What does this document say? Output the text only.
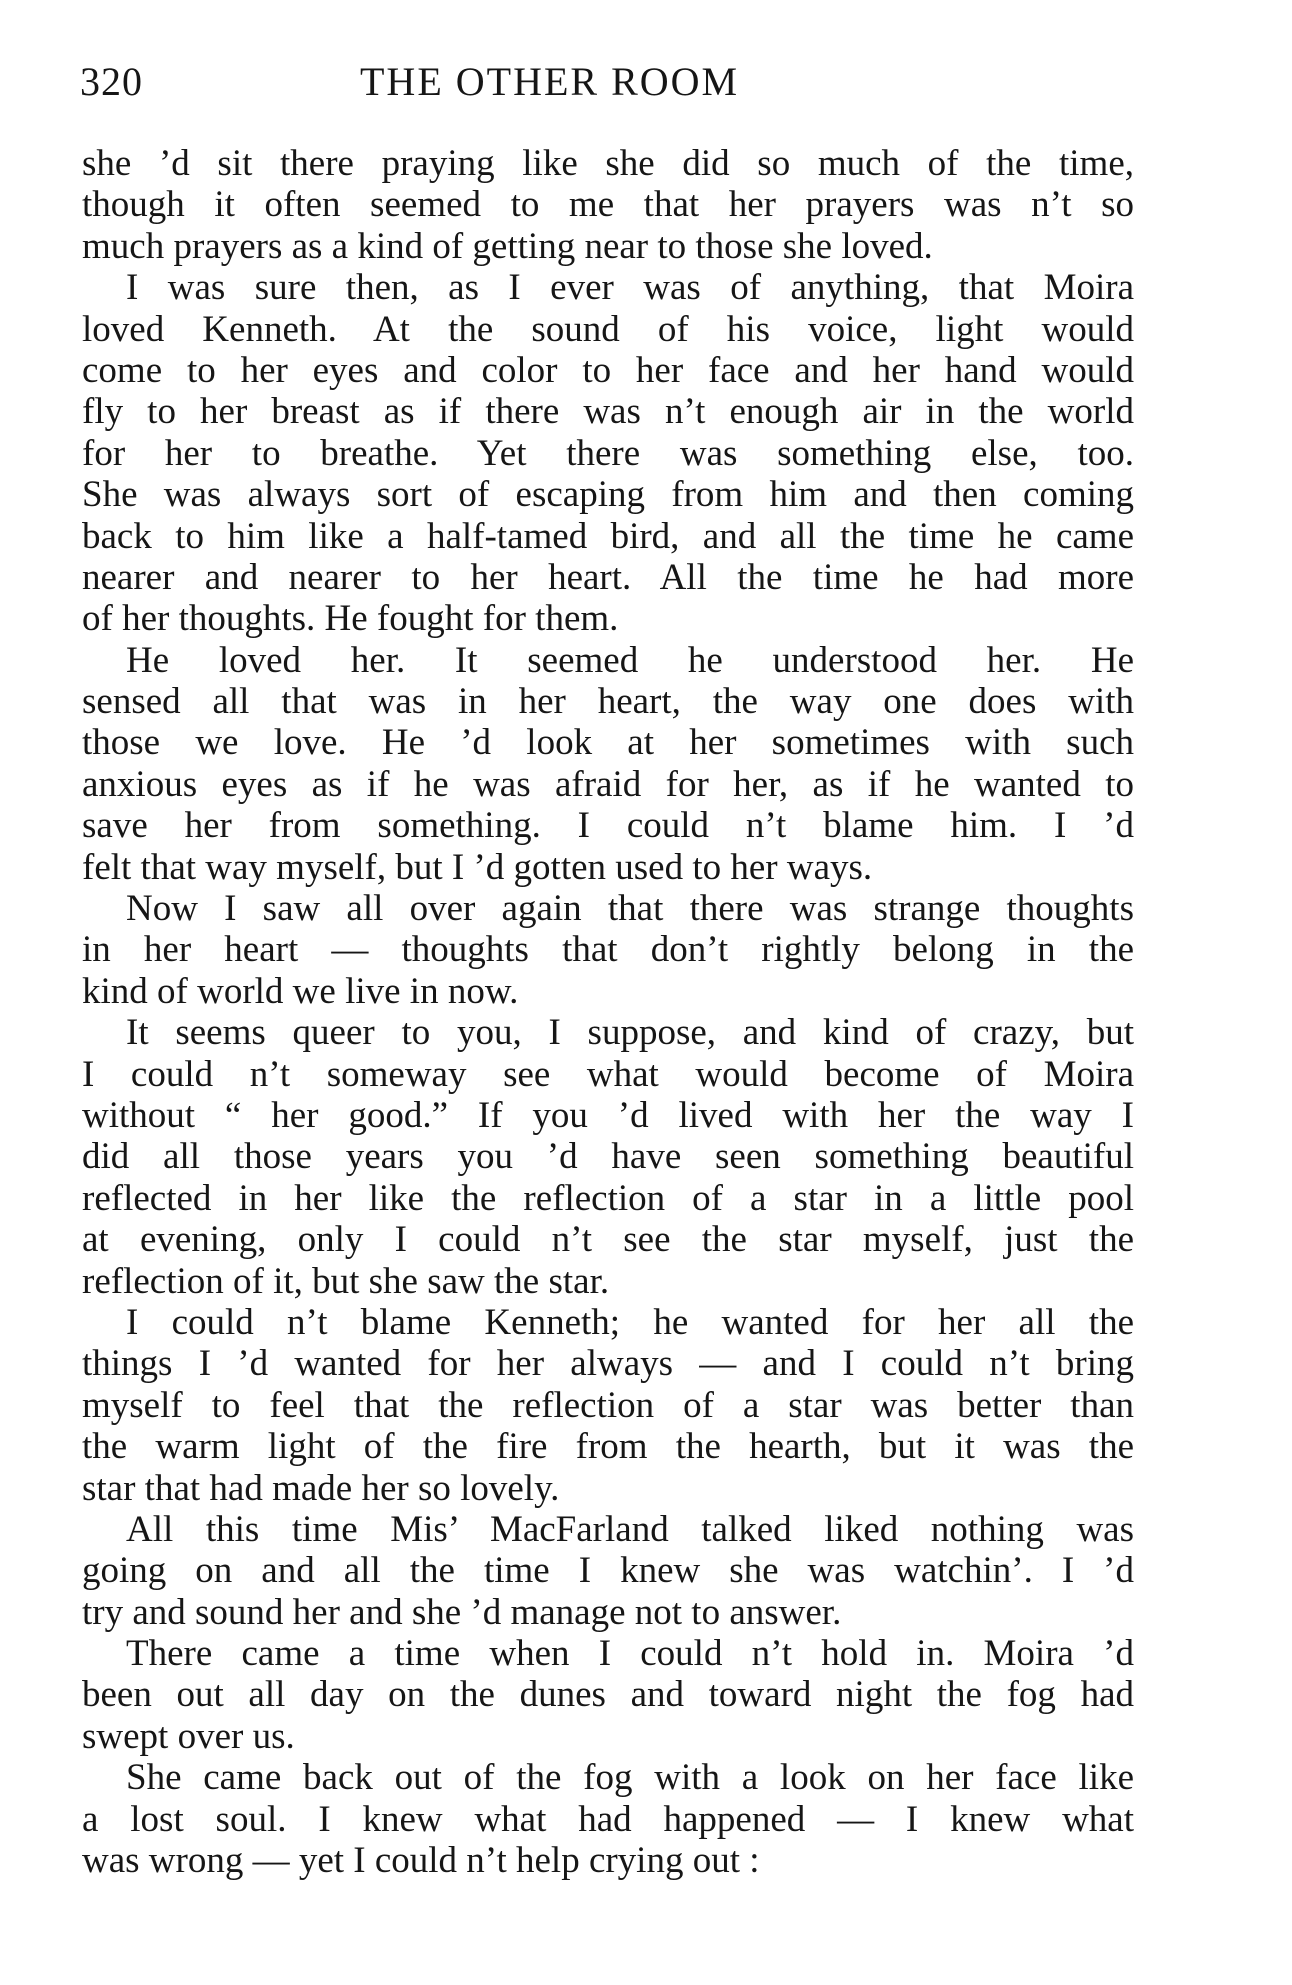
320	THE OTHER ROOM
she ’d sit there praying like she did so much of the time,
though it often seemed to me that her prayers was n’t so
much prayers as a kind of getting near to those she loved.
I was sure then, as I ever was of anything, that Moira
loved Kenneth. At the sound of his voice, light would
come to her eyes and color to her face and her hand would
fly to her breast as if there was n’t enough air in the world
for her to breathe. Yet there was something else, too.
She was always sort of escaping from him and then coming
back to him like a half-tamed bird, and all the time he came
nearer and nearer to her heart. All the time he had more
of her thoughts. He fought for them.
He loved her. It seemed he understood her. He
sensed all that was in her heart, the way one does with
those we love. He ’d look at her sometimes with such
anxious eyes as if he was afraid for her, as if he wanted to
save her from something. I could n’t blame him. I ’d
felt that way myself, but I ’d gotten used to her ways.
Now I saw all over again that there was strange thoughts
in her heart — thoughts that don’t rightly belong in the
kind of world we live in now.
It seems queer to you, I suppose, and kind of crazy, but
I could n’t someway see what would become of Moira
without “ her good.” If you ’d lived with her the way I
did all those years you ’d have seen something beautiful
reflected in her like the reflection of a star in a little pool
at evening, only I could n’t see the star myself, just the
reflection of it, but she saw the star.
I could n’t blame Kenneth; he wanted for her all the
things I ’d wanted for her always — and I could n’t bring
myself to feel that the reflection of a star was better than
the warm light of the fire from the hearth, but it was the
star that had made her so lovely.
All this time Mis’ MacFarland talked liked nothing was
going on and all the time I knew she was watchin’. I ’d
try and sound her and she ’d manage not to answer.
There came a time when I could n’t hold in. Moira ’d
been out all day on the dunes and toward night the fog had
swept over us.
She came back out of the fog with a look on her face like
a lost soul. I knew what had happened — I knew what
was wrong — yet I could n’t help crying out :
